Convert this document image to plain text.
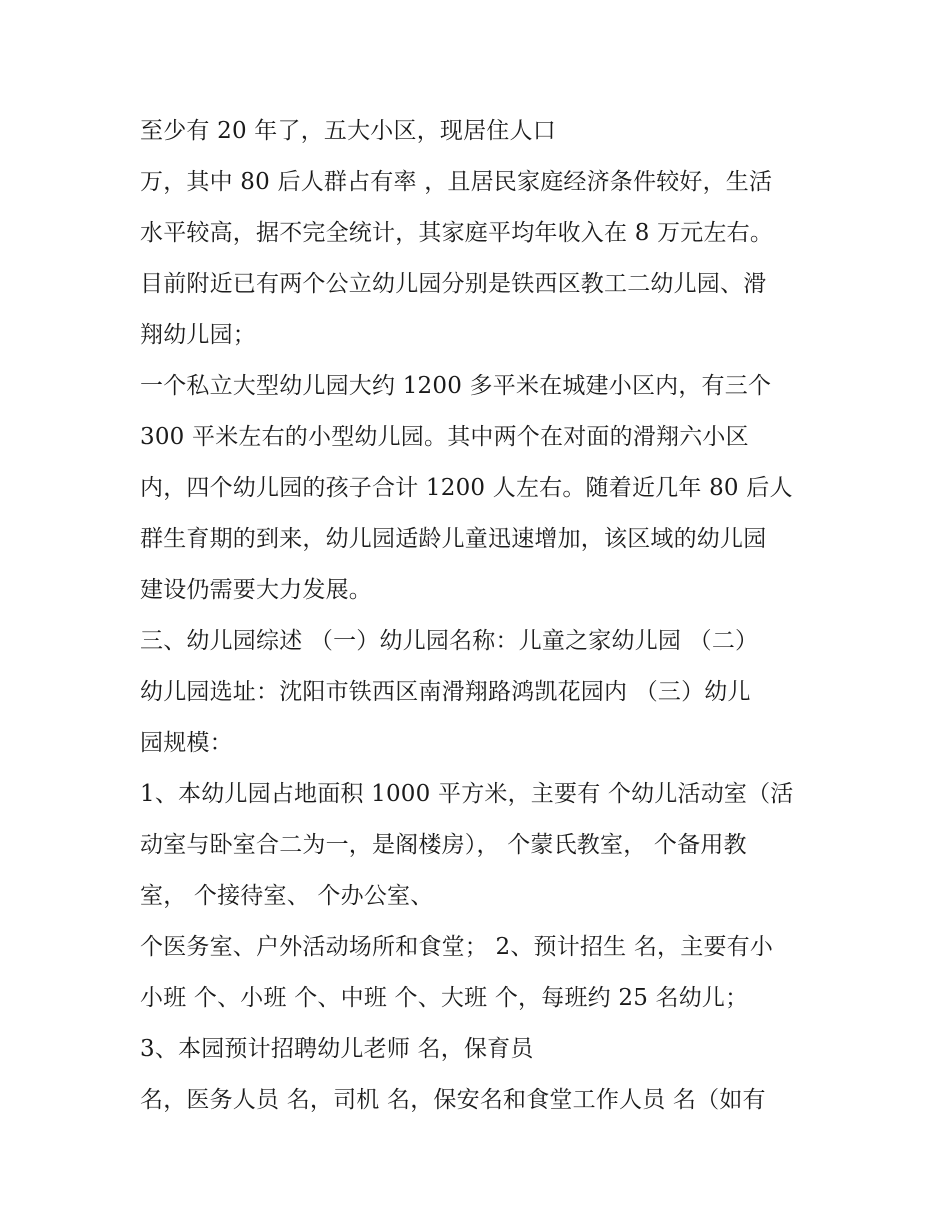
至少有 20 年了，五大小区，现居住人口
万，其中 80 后人群占有率 ，且居民家庭经济条件较好，生活
水平较高，据不完全统计，其家庭平均年收入在 8 万元左右。
目前附近已有两个公立幼儿园分别是铁西区教工二幼儿园、滑
翔幼儿园；
一个私立大型幼儿园大约 1200 多平米在城建小区内，有三个
300 平米左右的小型幼儿园。其中两个在对面的滑翔六小区
内，四个幼儿园的孩子合计 1200 人左右。随着近几年 80 后人
群生育期的到来，幼儿园适龄儿童迅速增加，该区域的幼儿园
建设仍需要大力发展。
三、幼儿园综述 （一）幼儿园名称：儿童之家幼儿园 （二）
幼儿园选址：沈阳市铁西区南滑翔路鸿凯花园内 （三）幼儿
园规模：
1、本幼儿园占地面积 1000 平方米，主要有 个幼儿活动室（活
动室与卧室合二为一，是阁楼房）， 个蒙氏教室， 个备用教
室， 个接待室、 个办公室、
个医务室、户外活动场所和食堂； 2、预计招生 名，主要有小
小班 个、小班 个、中班 个、大班 个，每班约 25 名幼儿；
3、本园预计招聘幼儿老师 名，保育员
名，医务人员 名，司机 名，保安名和食堂工作人员 名（如有
